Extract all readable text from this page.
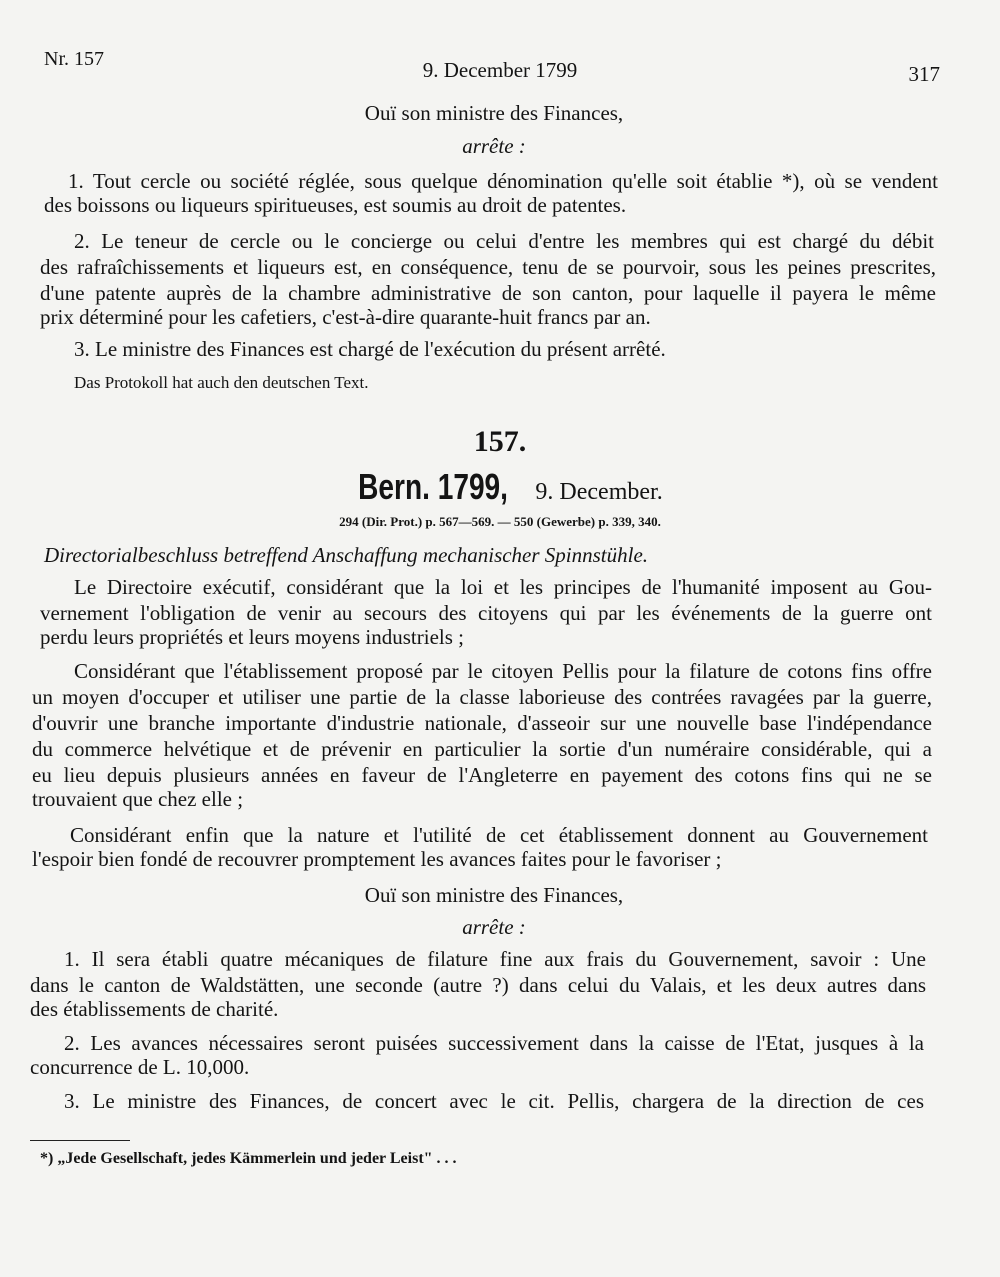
Nr. 157	9. December 1799	317
Ouï son ministre des Finances,
arrête :
1. Tout cercle ou société réglée, sous quelque dénomination qu'elle soit établie *), où se vendent
des boissons ou liqueurs spiritueuses, est soumis au droit de patentes.
2. Le teneur de cercle ou le concierge ou celui d'entre les membres qui est chargé du débit
des rafraîchissements et liqueurs est, en conséquence, tenu de se pourvoir, sous les peines prescrites,
d'une patente auprès de la chambre administrative de son canton, pour laquelle il payera le même
prix déterminé pour les cafetiers, c'est-à-dire quarante-huit francs par an.
3. Le ministre des Finances est chargé de l'exécution du présent arrêté.
Das Protokoll hat auch den deutschen Text.
157.
Bern. 1799, 9. December.
294 (Dir. Prot.) p. 567—569. — 550 (Gewerbe) p. 339, 340.
Directorialbeschluss betreffend Anschaffung mechanischer Spinnstühle.
Le Directoire exécutif, considérant que la loi et les principes de l'humanité imposent au Gou-
vernement l'obligation de venir au secours des citoyens qui par les événements de la guerre ont
perdu leurs propriétés et leurs moyens industriels ;
Considérant que l'établissement proposé par le citoyen Pellis pour la filature de cotons fins offre
un moyen d'occuper et utiliser une partie de la classe laborieuse des contrées ravagées par la guerre,
d'ouvrir une branche importante d'industrie nationale, d'asseoir sur une nouvelle base l'indépendance
du commerce helvétique et de prévenir en particulier la sortie d'un numéraire considérable, qui a
eu lieu depuis plusieurs années en faveur de l'Angleterre en payement des cotons fins qui ne se
trouvaient que chez elle ;
Considérant enfin que la nature et l'utilité de cet établissement donnent au Gouvernement
l'espoir bien fondé de recouvrer promptement les avances faites pour le favoriser ;
Ouï son ministre des Finances,
arrête :
1. Il sera établi quatre mécaniques de filature fine aux frais du Gouvernement, savoir : Une
dans le canton de Waldstätten, une seconde (autre ?) dans celui du Valais, et les deux autres dans
des établissements de charité.
2. Les avances nécessaires seront puisées successivement dans la caisse de l'Etat, jusques à la
concurrence de L. 10,000.
3. Le ministre des Finances, de concert avec le cit. Pellis, chargera de la direction de ces
*) „Jede Gesellschaft, jedes Kämmerlein und jeder Leist" . . .
